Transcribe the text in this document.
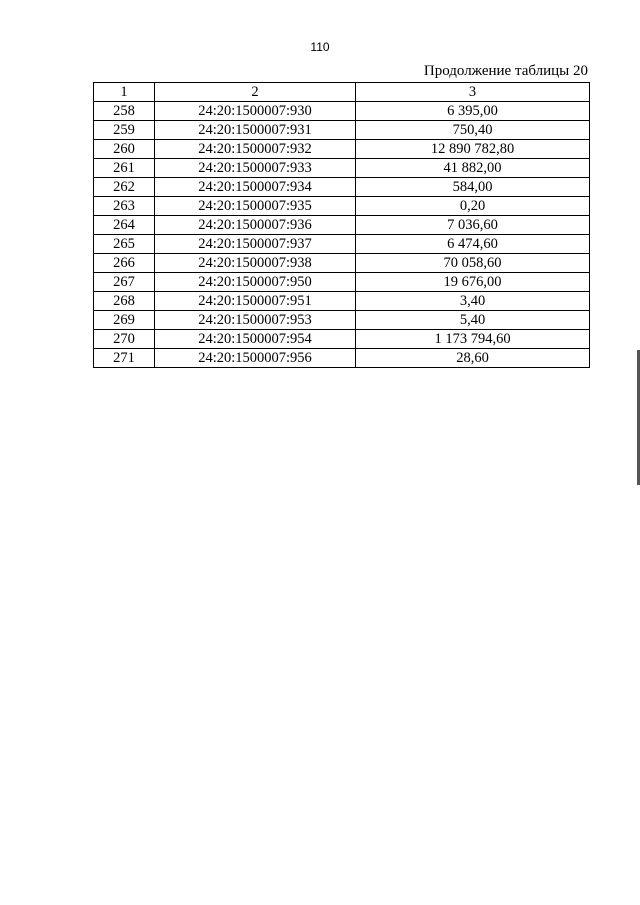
110
Продолжение таблицы 20
1	2	3
258	24:20:1500007:930	6 395,00
259	24:20:1500007:931	750,40
260	24:20:1500007:932	12 890 782,80
261	24:20:1500007:933	41 882,00
262	24:20:1500007:934	584,00
263	24:20:1500007:935	0,20
264	24:20:1500007:936	7 036,60
265	24:20:1500007:937	6 474,60
266	24:20:1500007:938	70 058,60
267	24:20:1500007:950	19 676,00
268	24:20:1500007:951	3,40
269	24:20:1500007:953	5,40
270	24:20:1500007:954	1 173 794,60
271	24:20:1500007:956	28,60
